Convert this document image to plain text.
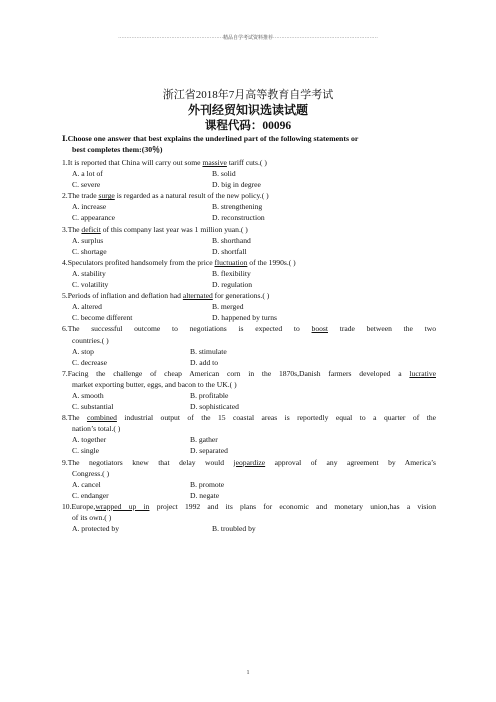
·······························································精品自学考试资料推荐·······························································
浙江省2018年7月高等教育自学考试
外刊经贸知识选读试题
课程代码：00096
Ⅰ.Choose one answer that best explains the underlined part of the following statements or
best completes them:(30％)
1.It is reported that China will carry out some massive tariff cuts.( )
A. a lot of	B. solid
C. severe	D. big in degree
2.The trade surge is regarded as a natural result of the new policy.( )
A. increase	B. strengthening
C. appearance	D. reconstruction
3.The deficit of this company last year was 1 million yuan.( )
A. surplus	B. shorthand
C. shortage	D. shortfall
4.Speculators profited handsomely from the price fluctuation of the 1990s.( )
A. stability	B. flexibility
C. volatility	D. regulation
5.Periods of inflation and deflation had alternated for generations.( )
A. altered	B. merged
C. become different	D. happened by turns
6.The successful outcome to negotiations is expected to boost trade between the two
countries.( )
A. stop	B. stimulate
C. decrease	D. add to
7.Facing the challenge of cheap American corn in the 1870s,Danish farmers developed a lucrative
market exporting butter, eggs, and bacon to the UK.( )
A. smooth	B. profitable
C. substantial	D. sophisticated
8.The combined industrial output of the 15 coastal areas is reportedly equal to a quarter of the
nation’s total.( )
A. together	B. gather
C. single	D. separated
9.The negotiators knew that delay would jeopardize approval of any agreement by America’s
Congress.( )
A. cancel	B. promote
C. endanger	D. negate
10.Europe,wrapped up in project 1992 and its plans for economic and monetary union,has a vision
of its own.( )
A. protected by	B. troubled by
1
